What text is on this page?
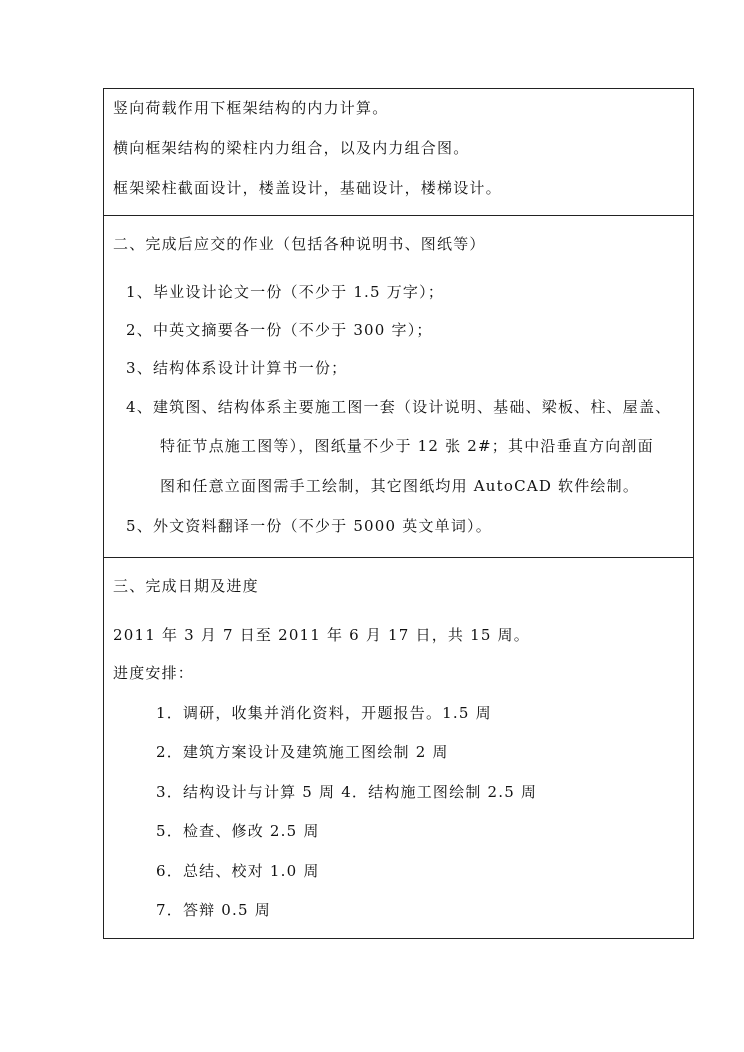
竖向荷载作用下框架结构的内力计算。
横向框架结构的梁柱内力组合，以及内力组合图。
框架梁柱截面设计，楼盖设计，基础设计，楼梯设计。
二、完成后应交的作业（包括各种说明书、图纸等）
1、毕业设计论文一份（不少于 1.5 万字）；
2、中英文摘要各一份（不少于 300 字）；
3、结构体系设计计算书一份；
4、建筑图、结构体系主要施工图一套（设计说明、基础、梁板、柱、屋盖、
特征节点施工图等），图纸量不少于 12 张 2#；其中沿垂直方向剖面
图和任意立面图需手工绘制，其它图纸均用 AutoCAD 软件绘制。
5、外文资料翻译一份（不少于 5000 英文单词）。
三、完成日期及进度
2011 年 3 月 7 日至 2011 年 6 月 17 日，共 15 周。
进度安排：
1．调研，收集并消化资料，开题报告。1.5 周
2．建筑方案设计及建筑施工图绘制 2 周
3．结构设计与计算 5 周 4．结构施工图绘制 2.5 周
5．检查、修改 2.5 周
6．总结、校对 1.0 周
7．答辩 0.5 周
